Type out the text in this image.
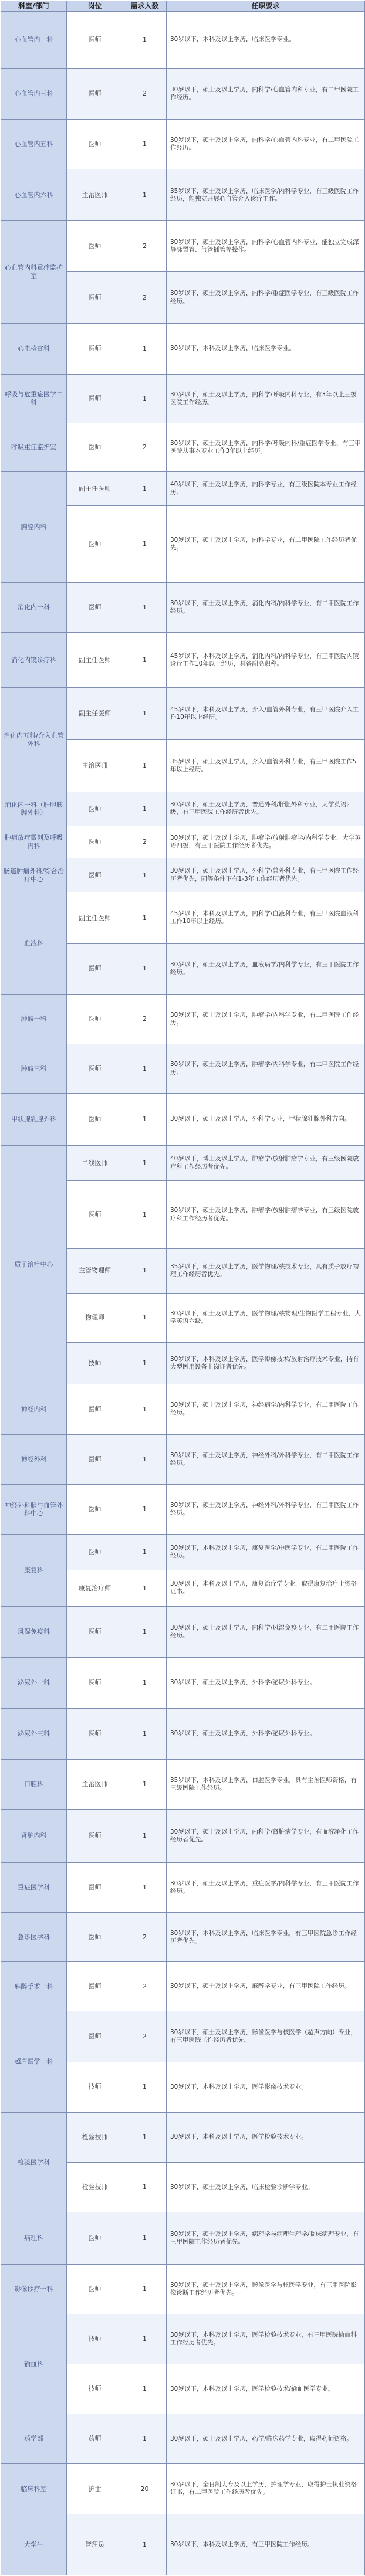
科室/部门	岗位	需求人数	任职要求
心血管内一科	医师	1	30岁以下，本科及以上学历，临床医学专业。
心血管内三科	医师	2	30岁以下，硕士及以上学历，内科学/心血管内科专业，有二甲医院工作经历。
心血管内五科	医师	1	30岁以下，硕士及以上学历，内科学/心血管内科专业，有二甲医院工作经历。
心血管内六科	主治医师	1	35岁以下，硕士及以上学历，临床医学/内科学专业，有三级医院工作经历，能独立开展心血管介入诊疗工作。
心血管内科重症监护室	医师	2	30岁以下，硕士及以上学历，内科学/心血管内科专业，能独立完成深静脉置管、气管插管等操作。
	医师	2	30岁以下，硕士及以上学历，内科学/重症医学专业，有三级医院工作经历。
心电检查科	医师	1	30岁以下，本科及以上学历，临床医学专业。
呼吸与危重症医学二科	医师	1	30岁以下，硕士及以上学历，内科学/呼吸内科专业，有3年以上三级医院工作经历。
呼吸重症监护室	医师	2	30岁以下，硕士及以上学历，内科学/呼吸内科/重症医学专业，有三甲医院从事本专业工作3年以上经历。
胸腔内科	副主任医师	1	40岁以下，硕士及以上学历，内科学专业，有三级医院本专业工作经历。
	医师	1	30岁以下，硕士及以上学历，内科学专业，有二甲医院工作经历者优先。
消化内一科	医师	1	30岁以下，硕士及以上学历，消化内科/内科学专业，有二甲医院工作经历。
消化内镜诊疗科	副主任医师	1	45岁以下，本科及以上学历，消化内科/内科学专业，有三甲医院内镜诊疗工作10年以上经历，具备副高职称。
消化内五科/介入血管外科	副主任医师	1	45岁以下，本科及以上学历，介入/血管外科专业，有三甲医院介入工作10年以上经历。
	主治医师	1	35岁以下，硕士及以上学历，介入/血管外科专业，有三甲医院工作5年以上经历。
消化内一科（肝胆胰脾外科）	医师	1	30岁以下，硕士及以上学历，普通外科/肝胆外科专业，大学英语四级，有三甲医院工作经历者优先。
肿瘤放疗微创及呼吸内科	医师	2	30岁以下，硕士及以上学历，肿瘤学/放射肿瘤学/内科学专业，大学英语四级，有三甲医院工作经历者优先。
肠道肿瘤外科/综合治疗中心	医师	1	30岁以下，硕士及以上学历，外科学/普外科专业，有三甲医院工作经历者优先，同等条件下有1-3年工作经历者优先。
血液科	副主任医师	1	45岁以下，本科及以上学历，内科学/血液科专业，有三甲医院血液科工作10年以上经历。
	医师	1	30岁以下，硕士及以上学历，血液病学/内科学专业，有三甲医院工作经历。
肿瘤一科	医师	2	30岁以下，硕士及以上学历，肿瘤学/内科学专业，有二甲医院工作经历。
肿瘤三科	医师	1	30岁以下，硕士及以上学历，肿瘤学/内科学专业，有二甲医院工作经历。
甲状腺乳腺外科	医师	1	30岁以下，硕士及以上学历，外科学专业，甲状腺乳腺外科方向。
质子治疗中心	二线医师	1	40岁以下，博士及以上学历，肿瘤学/放射肿瘤学专业，有三级医院放疗科工作经历者优先。
	医师	1	30岁以下，硕士及以上学历，肿瘤学/放射肿瘤学专业，有三级医院放疗科工作经历者优先。
	主管物理师	1	35岁以下，硕士及以上学历，医学物理/核技术专业，具有质子放疗物理工作经历者优先。
	物理师	1	30岁以下，硕士及以上学历，医学物理/核物理/生物医学工程专业，大学英语六级。
	技师	1	30岁以下，本科及以上学历，医学影像技术/放射治疗技术专业，持有大型医用设备上岗证者优先。
神经内科	医师	1	30岁以下，硕士及以上学历，神经病学/内科学专业，有二甲医院工作经历。
神经外科	医师	1	30岁以下，硕士及以上学历，神经外科/外科学专业，有二甲医院工作经历。
神经外科脑与血管外科中心	医师	1	30岁以下，硕士及以上学历，神经外科/外科学专业，有三甲医院工作经历。
康复科	医师	1	30岁以下，本科及以上学历，康复医学/中医学专业，有二甲医院工作经历。
	康复治疗师	1	30岁以下，本科及以上学历，康复治疗学专业，取得康复治疗士资格证书。
风湿免疫科	医师	1	30岁以下，硕士及以上学历，内科学/风湿免疫专业，有二甲医院工作经历。
泌尿外一科	医师	1	30岁以下，硕士及以上学历，外科学/泌尿外科专业。
泌尿外三科	医师	1	30岁以下，硕士及以上学历，外科学/泌尿外科专业。
口腔科	主治医师	1	35岁以下，本科及以上学历，口腔医学专业，具有主治医师资格，有三级医院工作经历。
肾脏内科	医师	1	30岁以下，硕士及以上学历，内科学/肾脏病学专业，有血液净化工作经历者优先。
重症医学科	医师	1	30岁以下，硕士及以上学历，重症医学/内科学专业，有三甲医院工作经历。
急诊医学科	医师	2	30岁以下，本科及以上学历，临床医学专业，有三甲医院急诊工作经历者优先。
麻醉手术一科	医师	2	30岁以下，硕士及以上学历，麻醉学专业，有三甲医院工作经历。
超声医学一科	医师	2	30岁以下，硕士及以上学历，影像医学与核医学（超声方向）专业，有三甲医院工作经历者优先。
	技师	1	30岁以下，本科及以上学历，医学影像技术专业。
检验医学科	检验技师	1	30岁以下，本科及以上学历，医学检验技术专业。
	检验技师	1	30岁以下，硕士及以上学历，临床检验诊断学专业。
病理科	医师	1	30岁以下，硕士及以上学历，病理学与病理生理学/临床病理专业，有三甲医院工作经历者优先。
影像诊疗一科	医师	1	30岁以下，硕士及以上学历，影像医学与核医学专业，有三甲医院影像诊断工作经历者优先。
输血科	技师	1	30岁以下，本科及以上学历，医学检验技术专业，有三甲医院输血科工作经历者优先。
	技师	1	30岁以下，本科及以上学历，医学检验技术/输血医学专业。
药学部	药师	1	30岁以下，硕士及以上学历，药学/临床药学专业，取得药师资格。
临床科室	护士	20	30岁以下，全日制大专及以上学历，护理学专业，取得护士执业资格证书，有二甲医院工作经历者优先。
大学生	管理员	1	30岁以下，本科及以上学历，有三甲医院工作经历。
